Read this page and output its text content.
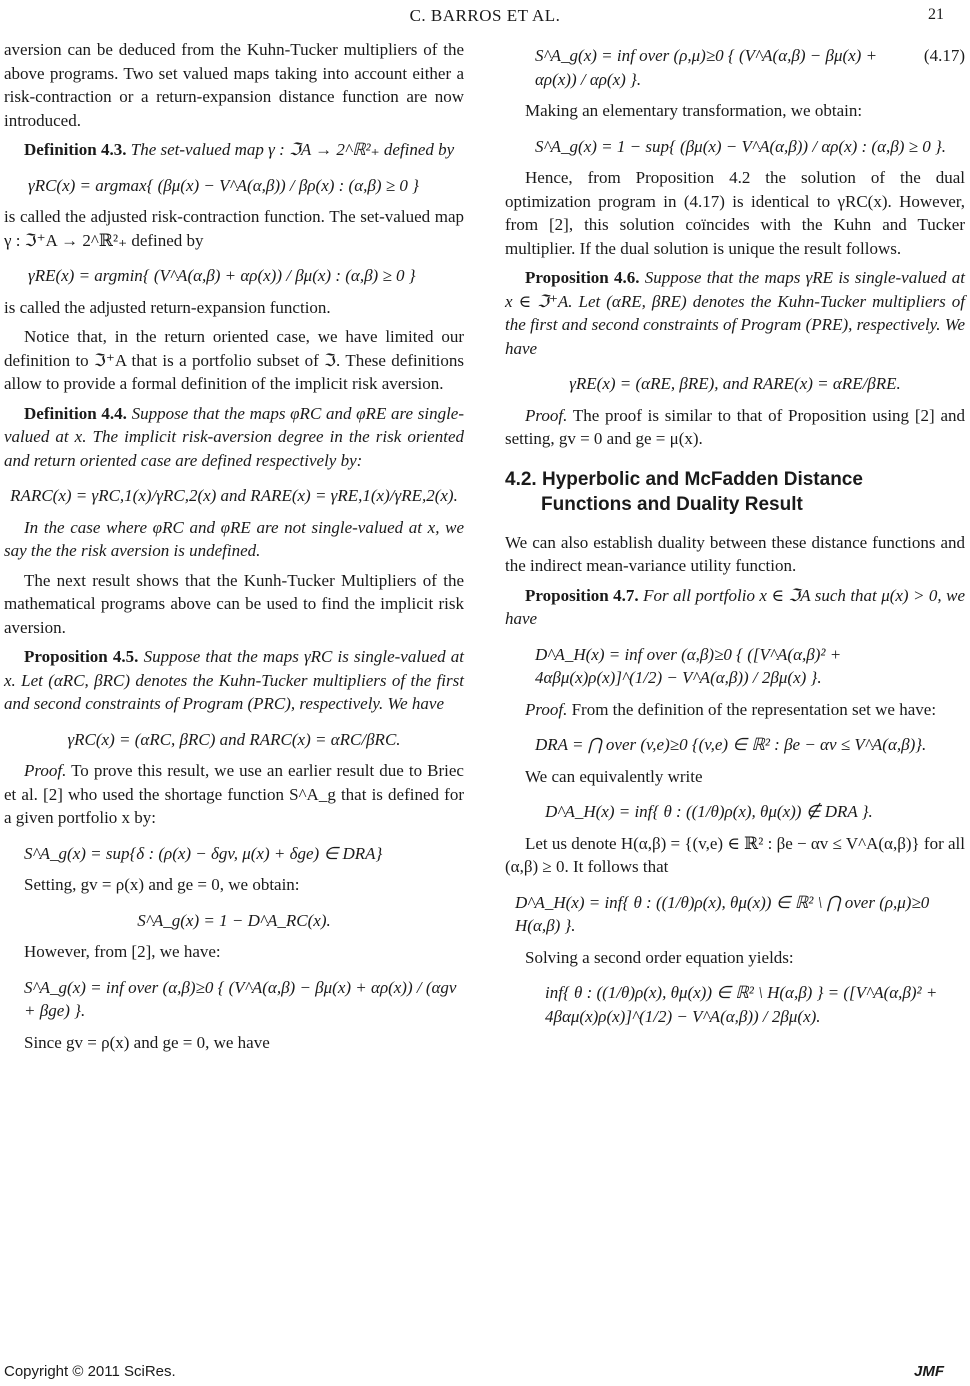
C. BARROS ET AL.	21

aversion can be deduced from the Kuhn-Tucker multipliers of the above programs. Two set valued maps taking into account either a risk-contraction or a return-expansion distance function are now introduced.

Definition 4.3. The set-valued map γ : ℑA → 2^ℝ²₊ defined by

γRC(x) = argmax{ (βμ(x) − V^A(α,β)) / βρ(x) : (α,β) ≥ 0 }

is called the adjusted risk-contraction function. The set-valued map γ : ℑ⁺A → 2^ℝ²₊ defined by

γRE(x) = argmin{ (V^A(α,β) + αρ(x)) / βμ(x) : (α,β) ≥ 0 }

is called the adjusted return-expansion function.

Notice that, in the return oriented case, we have limited our definition to ℑ⁺A that is a portfolio subset of ℑ. These definitions allow to provide a formal definition of the implicit risk aversion.

Definition 4.4. Suppose that the maps φRC and φRE are single-valued at x. The implicit risk-aversion degree in the risk oriented and return oriented case are defined respectively by:

RARC(x) = γRC,1(x)/γRC,2(x) and RARE(x) = γRE,1(x)/γRE,2(x).

In the case where φRC and φRE are not single-valued at x, we say the the risk aversion is undefined.

The next result shows that the Kunh-Tucker Multipliers of the mathematical programs above can be used to find the implicit risk aversion.

Proposition 4.5. Suppose that the maps γRC is single-valued at x. Let (αRC, βRC) denotes the Kuhn-Tucker multipliers of the first and second constraints of Program (PRC), respectively. We have

γRC(x) = (αRC, βRC) and RARC(x) = αRC/βRC.

Proof. To prove this result, we use an earlier result due to Briec et al. [2] who used the shortage function S^A_g that is defined for a given portfolio x by:

S^A_g(x) = sup{δ : (ρ(x) − δgv, μ(x) + δge) ∈ DRA}

Setting, gv = ρ(x) and ge = 0, we obtain:

S^A_g(x) = 1 − D^A_RC(x).

However, from [2], we have:

S^A_g(x) = inf over (α,β)≥0 { (V^A(α,β) − βμ(x) + αρ(x)) / (αgv + βge) }.

Since gv = ρ(x) and ge = 0, we have

S^A_g(x) = inf over (ρ,μ)≥0 { (V^A(α,β) − βμ(x) + αρ(x)) / αρ(x) }.
(4.17)

Making an elementary transformation, we obtain:

S^A_g(x) = 1 − sup{ (βμ(x) − V^A(α,β)) / αρ(x) : (α,β) ≥ 0 }.

Hence, from Proposition 4.2 the solution of the dual optimization program in (4.17) is identical to γRC(x). However, from [2], this solution coïncides with the Kuhn and Tucker multiplier. If the dual solution is unique the result follows.

Proposition 4.6. Suppose that the maps γRE is single-valued at x ∈ ℑ⁺A. Let (αRE, βRE) denotes the Kuhn-Tucker multipliers of the first and second constraints of Program (PRE), respectively. We have

γRE(x) = (αRE, βRE), and RARE(x) = αRE/βRE.

Proof. The proof is similar to that of Proposition using [2] and setting, gv = 0 and ge = μ(x).

4.2. Hyperbolic and McFadden Distance
Functions and Duality Result

We can also establish duality between these distance functions and the indirect mean-variance utility function.

Proposition 4.7. For all portfolio x ∈ ℑA such that μ(x) > 0, we have

D^A_H(x) = inf over (α,β)≥0 { ([V^A(α,β)² + 4αβμ(x)ρ(x)]^(1/2) − V^A(α,β)) / 2βμ(x) }.

Proof. From the definition of the representation set we have:

DRA = ⋂ over (v,e)≥0 {(v,e) ∈ ℝ² : βe − αv ≤ V^A(α,β)}.

We can equivalently write

D^A_H(x) = inf{ θ : ((1/θ)ρ(x), θμ(x)) ∉ DRA }.

Let us denote H(α,β) = {(v,e) ∈ ℝ² : βe − αv ≤ V^A(α,β)} for all (α,β) ≥ 0. It follows that

D^A_H(x) = inf{ θ : ((1/θ)ρ(x), θμ(x)) ∈ ℝ² \ ⋂ over (ρ,μ)≥0 H(α,β) }.

Solving a second order equation yields:

inf{ θ : ((1/θ)ρ(x), θμ(x)) ∈ ℝ² \ H(α,β) } = ([V^A(α,β)² + 4βαμ(x)ρ(x)]^(1/2) − V^A(α,β)) / 2βμ(x).
Copyright © 2011 SciRes.	JMF
